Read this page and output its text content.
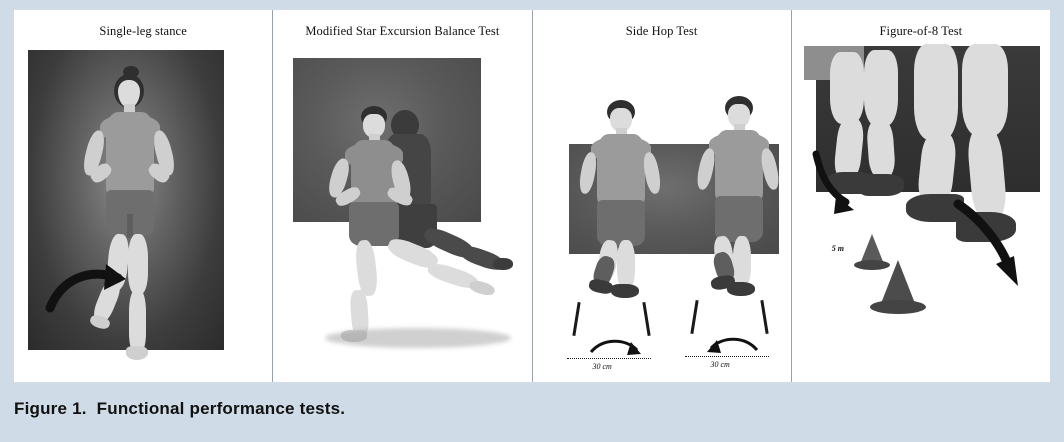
Single-leg stance	Modified Star Excursion Balance Test	Side Hop Test
30 cm	30 cm
Figure-of-8 Test
5 m
Figure 1. Functional performance tests.
